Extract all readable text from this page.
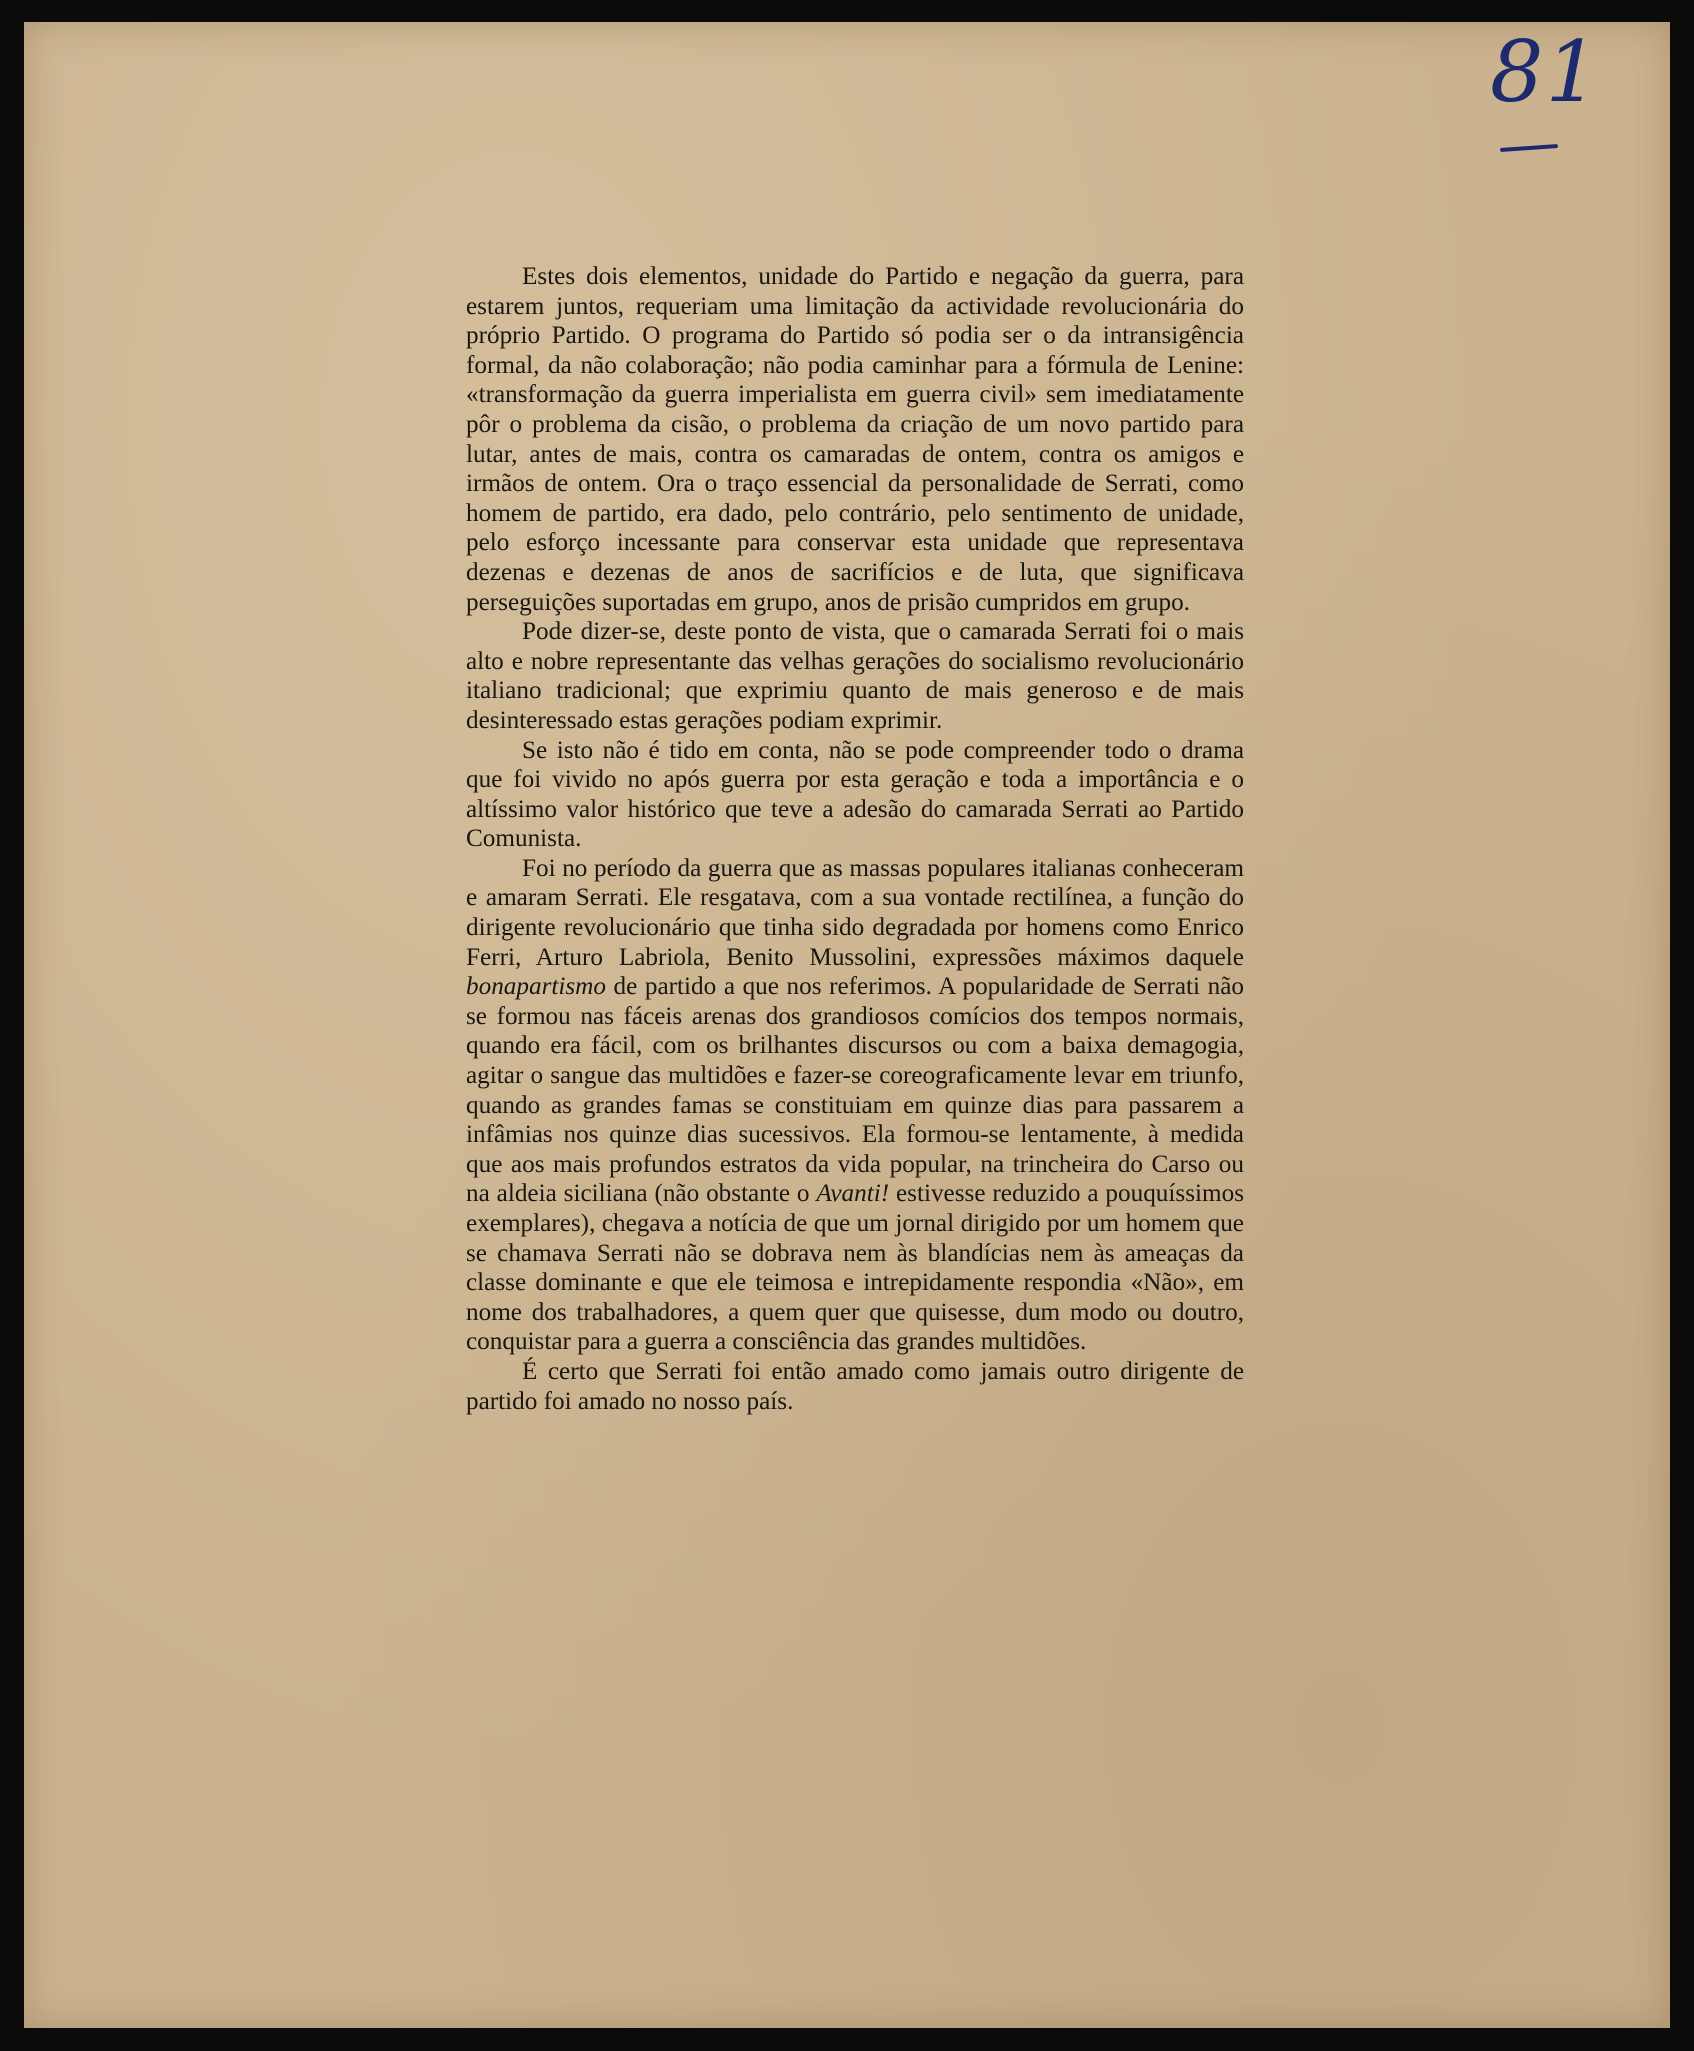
81

Estes dois elementos, unidade do Partido e negação da guerra, para estarem juntos, requeriam uma limitação da actividade revolucionária do próprio Partido. O programa do Partido só podia ser o da intransigência formal, da não colaboração; não podia caminhar para a fórmula de Lenine: «transformação da guerra imperialista em guerra civil» sem imediatamente pôr o problema da cisão, o problema da criação de um novo partido para lutar, antes de mais, contra os camaradas de ontem, contra os amigos e irmãos de ontem. Ora o traço essencial da personalidade de Serrati, como homem de partido, era dado, pelo contrário, pelo sentimento de unidade, pelo esforço incessante para conservar esta unidade que representava dezenas e dezenas de anos de sacrifícios e de luta, que significava perseguições suportadas em grupo, anos de prisão cumpridos em grupo.

Pode dizer-se, deste ponto de vista, que o camarada Serrati foi o mais alto e nobre representante das velhas gerações do socialismo revolucionário italiano tradicional; que exprimiu quanto de mais generoso e de mais desinteressado estas gerações podiam exprimir.

Se isto não é tido em conta, não se pode compreender todo o drama que foi vivido no após guerra por esta geração e toda a importância e o altíssimo valor histórico que teve a adesão do camarada Serrati ao Partido Comunista.

Foi no período da guerra que as massas populares italianas conheceram e amaram Serrati. Ele resgatava, com a sua vontade rectilínea, a função do dirigente revolucionário que tinha sido degradada por homens como Enrico Ferri, Arturo Labriola, Benito Mussolini, expressões máximos daquele bonapartismo de partido a que nos referimos. A popularidade de Serrati não se formou nas fáceis arenas dos grandiosos comícios dos tempos normais, quando era fácil, com os brilhantes discursos ou com a baixa demagogia, agitar o sangue das multidões e fazer-se coreograficamente levar em triunfo, quando as grandes famas se constituiam em quinze dias para passarem a infâmias nos quinze dias sucessivos. Ela formou-se lentamente, à medida que aos mais profundos estratos da vida popular, na trincheira do Carso ou na aldeia siciliana (não obstante o Avanti! estivesse reduzido a pouquíssimos exemplares), chegava a notícia de que um jornal dirigido por um homem que se chamava Serrati não se dobrava nem às blandícias nem às ameaças da classe dominante e que ele teimosa e intrepidamente respondia «Não», em nome dos trabalhadores, a quem quer que quisesse, dum modo ou doutro, conquistar para a guerra a consciência das grandes multidões.

É certo que Serrati foi então amado como jamais outro dirigente de partido foi amado no nosso país.
